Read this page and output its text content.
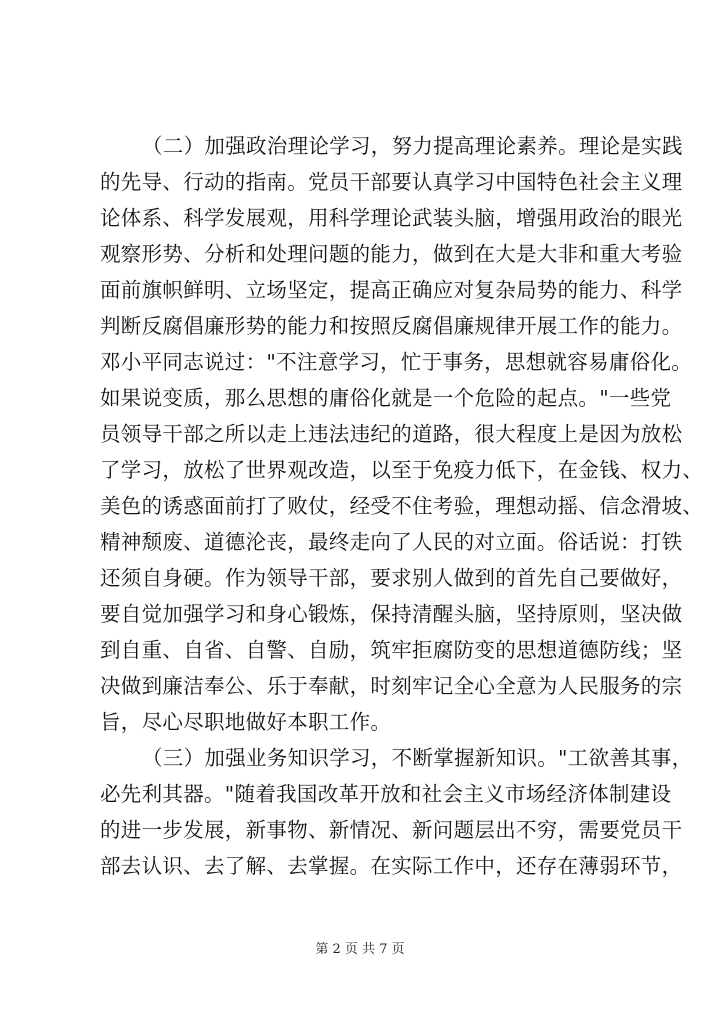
（二）加强政治理论学习，努力提高理论素养。理论是实践
的先导、行动的指南。党员干部要认真学习中国特色社会主义理
论体系、科学发展观，用科学理论武装头脑，增强用政治的眼光
观察形势、分析和处理问题的能力，做到在大是大非和重大考验
面前旗帜鲜明、立场坚定，提高正确应对复杂局势的能力、科学
判断反腐倡廉形势的能力和按照反腐倡廉规律开展工作的能力。
邓小平同志说过："不注意学习，忙于事务，思想就容易庸俗化。
如果说变质，那么思想的庸俗化就是一个危险的起点。"一些党
员领导干部之所以走上违法违纪的道路，很大程度上是因为放松
了学习，放松了世界观改造，以至于免疫力低下，在金钱、权力、
美色的诱惑面前打了败仗，经受不住考验，理想动摇、信念滑坡、
精神颓废、道德沦丧，最终走向了人民的对立面。俗话说：打铁
还须自身硬。作为领导干部，要求别人做到的首先自己要做好，
要自觉加强学习和身心锻炼，保持清醒头脑，坚持原则，坚决做
到自重、自省、自警、自励，筑牢拒腐防变的思想道德防线；坚
决做到廉洁奉公、乐于奉献，时刻牢记全心全意为人民服务的宗
旨，尽心尽职地做好本职工作。
（三）加强业务知识学习，不断掌握新知识。"工欲善其事，
必先利其器。"随着我国改革开放和社会主义市场经济体制建设
的进一步发展，新事物、新情况、新问题层出不穷，需要党员干
部去认识、去了解、去掌握。在实际工作中，还存在薄弱环节，
第 2 页 共 7 页
